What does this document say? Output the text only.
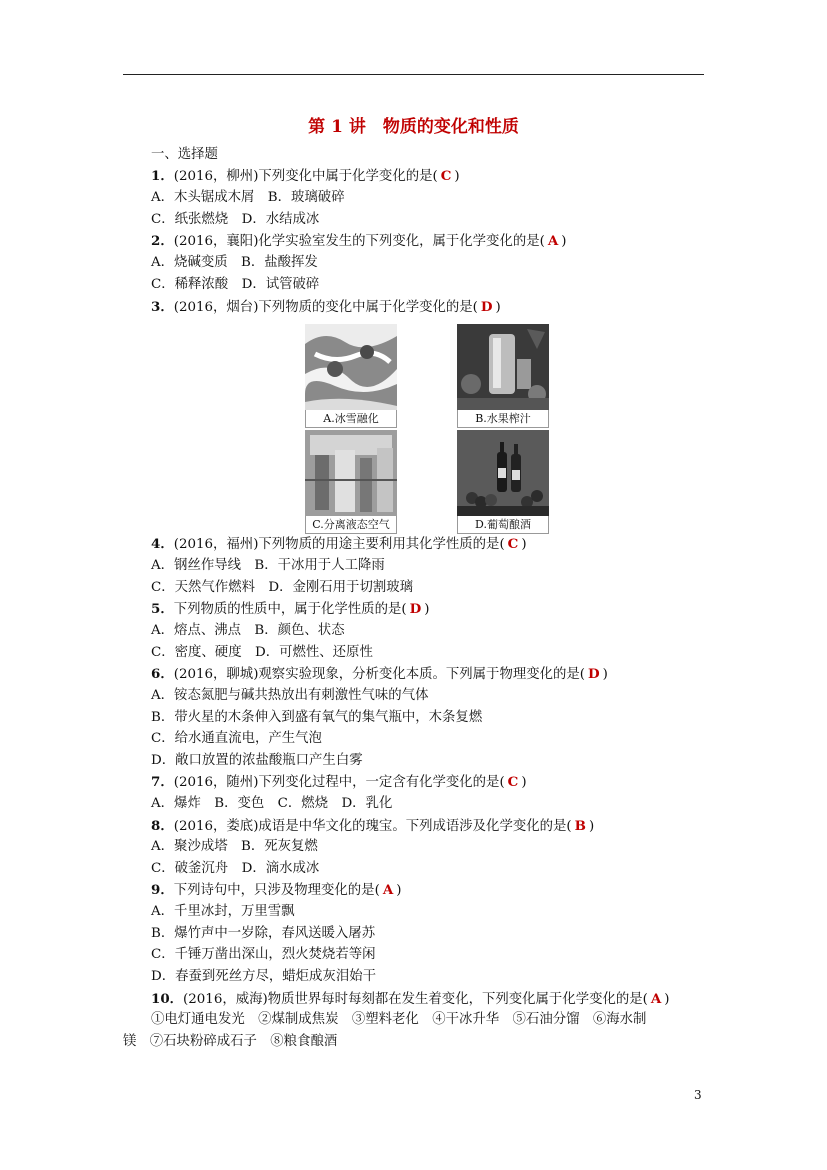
第 1 讲　物质的变化和性质
一、选择题
1．(2016，柳州)下列变化中属于化学变化的是( C )
A．木头锯成木屑　B．玻璃破碎
C．纸张燃烧　D．水结成冰
2．(2016，襄阳)化学实验室发生的下列变化，属于化学变化的是( A )
A．烧碱变质　B．盐酸挥发
C．稀释浓酸　D．试管破碎
3．(2016，烟台)下列物质的变化中属于化学变化的是( D )
A.冰雪融化	B.水果榨汁
C.分离液态空气	D.葡萄酿酒
4．(2016，福州)下列物质的用途主要利用其化学性质的是( C )
A．钢丝作导线　B．干冰用于人工降雨
C．天然气作燃料　D．金刚石用于切割玻璃
5．下列物质的性质中，属于化学性质的是( D )
A．熔点、沸点　B．颜色、状态
C．密度、硬度　D．可燃性、还原性
6．(2016，聊城)观察实验现象，分析变化本质。下列属于物理变化的是( D )
A．铵态氮肥与碱共热放出有刺激性气味的气体
B．带火星的木条伸入到盛有氧气的集气瓶中，木条复燃
C．给水通直流电，产生气泡
D．敞口放置的浓盐酸瓶口产生白雾
7．(2016，随州)下列变化过程中，一定含有化学变化的是( C )
A．爆炸　B．变色　C．燃烧　D．乳化
8．(2016，娄底)成语是中华文化的瑰宝。下列成语涉及化学变化的是( B )
A．聚沙成塔　B．死灰复燃
C．破釜沉舟　D．滴水成冰
9．下列诗句中，只涉及物理变化的是( A )
A．千里冰封，万里雪飘
B．爆竹声中一岁除，春风送暖入屠苏
C．千锤万凿出深山，烈火焚烧若等闲
D．春蚕到死丝方尽，蜡炬成灰泪始干
10．(2016，威海)物质世界每时每刻都在发生着变化，下列变化属于化学变化的是( A )
①电灯通电发光　②煤制成焦炭　③塑料老化　④干冰升华　⑤石油分馏　⑥海水制
镁　⑦石块粉碎成石子　⑧粮食酿酒
3
